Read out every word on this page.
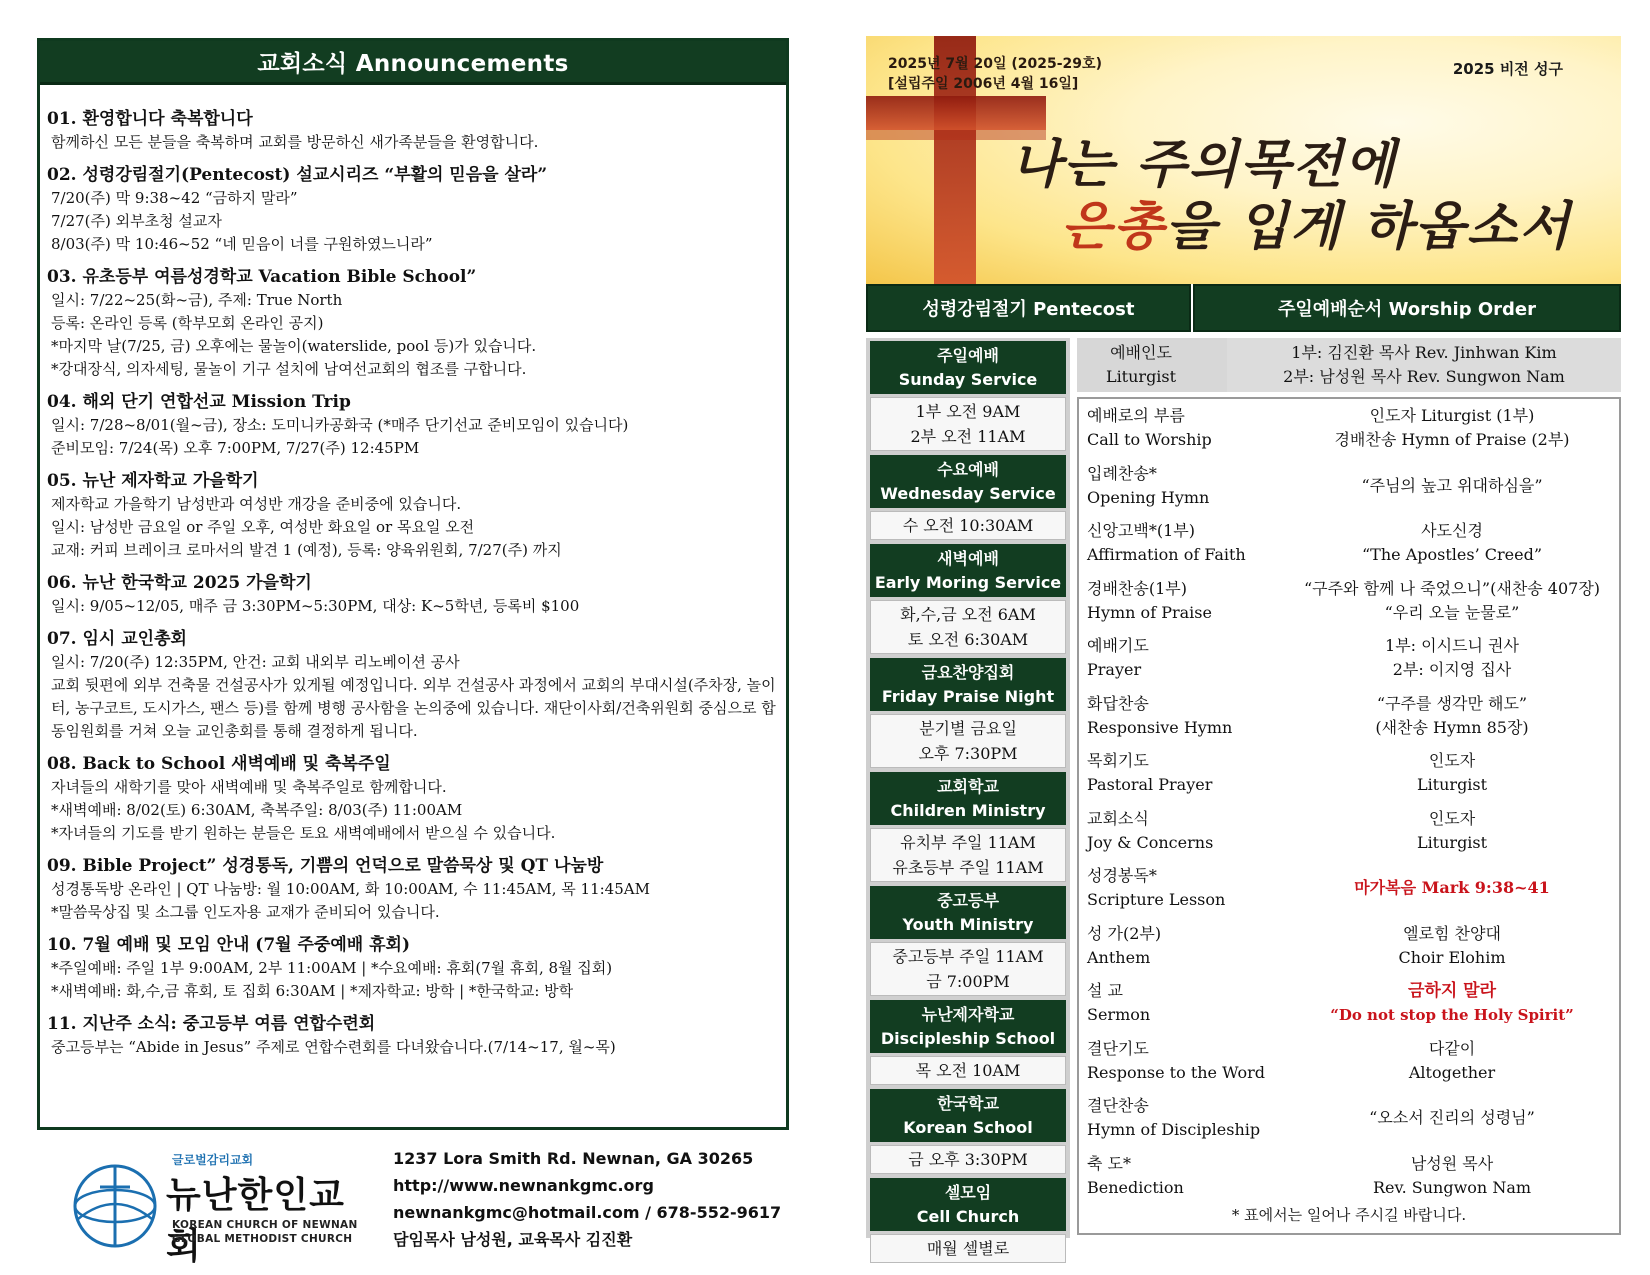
교회소식 Announcements
01. 환영합니다 축복합니다
함께하신 모든 분들을 축복하며 교회를 방문하신 새가족분들을 환영합니다.
02. 성령강림절기(Pentecost) 설교시리즈 “부활의 믿음을 살라”
7/20(주) 막 9:38~42 “금하지 말라”
7/27(주) 외부초청 설교자
8/03(주) 막 10:46~52 “네 믿음이 너를 구원하였느니라”
03. 유초등부 여름성경학교 Vacation Bible School”
일시: 7/22~25(화~금), 주제: True North
등록: 온라인 등록 (학부모회 온라인 공지)
*마지막 날(7/25, 금) 오후에는 물놀이(waterslide, pool 등)가 있습니다.
*강대장식, 의자세팅, 물놀이 기구 설치에 남여선교회의 협조를 구합니다.
04. 해외 단기 연합선교 Mission Trip
일시: 7/28~8/01(월~금), 장소: 도미니카공화국 (*매주 단기선교 준비모임이 있습니다)
준비모임: 7/24(목) 오후 7:00PM, 7/27(주) 12:45PM
05. 뉴난 제자학교 가을학기
제자학교 가을학기 남성반과 여성반 개강을 준비중에 있습니다.
일시: 남성반 금요일 or 주일 오후, 여성반 화요일 or 목요일 오전
교재: 커피 브레이크 로마서의 발견 1 (예정), 등록: 양육위원회, 7/27(주) 까지
06. 뉴난 한국학교 2025 가을학기
일시: 9/05~12/05, 매주 금 3:30PM~5:30PM, 대상: K~5학년, 등록비 $100
07. 임시 교인총회
일시: 7/20(주) 12:35PM, 안건: 교회 내외부 리노베이션 공사
교회 뒷편에 외부 건축물 건설공사가 있게될 예정입니다. 외부 건설공사 과정에서 교회의 부대시설(주차장, 놀이터, 농구코트, 도시가스, 팬스 등)를 함께 병행 공사함을 논의중에 있습니다. 재단이사회/건축위원회 중심으로 합동임원회를 거쳐 오늘 교인총회를 통해 결정하게 됩니다.
08. Back to School 새벽예배 및 축복주일
자녀들의 새학기를 맞아 새벽예배 및 축복주일로 함께합니다.
*새벽예배: 8/02(토) 6:30AM, 축복주일: 8/03(주) 11:00AM
*자녀들의 기도를 받기 원하는 분들은 토요 새벽예배에서 받으실 수 있습니다.
09. Bible Project” 성경통독, 기쁨의 언덕으로 말씀묵상 및 QT 나눔방
성경통독방 온라인 | QT 나눔방: 월 10:00AM, 화 10:00AM, 수 11:45AM, 목 11:45AM
*말씀묵상집 및 소그룹 인도자용 교재가 준비되어 있습니다.
10. 7월 예배 및 모임 안내 (7월 주중예배 휴회)
*주일예배: 주일 1부 9:00AM, 2부 11:00AM | *수요예배: 휴회(7월 휴회, 8월 집회)
*새벽예배: 화,수,금 휴회, 토 집회 6:30AM | *제자학교: 방학 | *한국학교: 방학
11. 지난주 소식: 중고등부 여름 연합수련회
중고등부는 “Abide in Jesus” 주제로 연합수련회를 다녀왔습니다.(7/14~17, 월~목)
글로벌감리교회
뉴난한인교회
KOREAN CHURCH OF NEWNAN
GLOBAL METHODIST CHURCH
1237 Lora Smith Rd. Newnan, GA 30265
http://www.newnankgmc.org
newnankgmc@hotmail.com / 678-552-9617
담임목사 남성원, 교육목사 김진환
2025년 7월 20일 (2025-29호)
[설립주일 2006년 4월 16일]
2025 비전 성구
나는 주의목전에
은총을 입게 하옵소서
성령강림절기 Pentecost	주일예배순서 Worship Order
주일예배
Sunday Service
1부 오전 9AM
2부 오전 11AM
수요예배
Wednesday Service
수 오전 10:30AM
새벽예배
Early Moring Service
화,수,금 오전 6AM
토 오전 6:30AM
금요찬양집회
Friday Praise Night
분기별 금요일
오후 7:30PM
교회학교
Children Ministry
유치부 주일 11AM
유초등부 주일 11AM
중고등부
Youth Ministry
중고등부 주일 11AM
금 7:00PM
뉴난제자학교
Discipleship School
목 오전 10AM
한국학교
Korean School
금 오후 3:30PM
셀모임
Cell Church
매월 셀별로
예배인도
Liturgist
1부: 김진환 목사 Rev. Jinhwan Kim
2부: 남성원 목사 Rev. Sungwon Nam
예배로의 부름
Call to Worship
인도자 Liturgist (1부)
경배찬송 Hymn of Praise (2부)
입례찬송*
Opening Hymn
“주님의 높고 위대하심을”
신앙고백*(1부)
Affirmation of Faith
사도신경
“The Apostles’ Creed”
경배찬송(1부)
Hymn of Praise
“구주와 함께 나 죽었으니”(새찬송 407장)
“우리 오늘 눈물로”
예배기도
Prayer
1부: 이시드니 권사
2부: 이지영 집사
화답찬송
Responsive Hymn
“구주를 생각만 해도”
(새찬송 Hymn 85장)
목회기도
Pastoral Prayer
인도자
Liturgist
교회소식
Joy & Concerns
인도자
Liturgist
성경봉독*
Scripture Lesson
마가복음 Mark 9:38~41
성 가(2부)
Anthem
엘로힘 찬양대
Choir Elohim
설 교
Sermon
금하지 말라
“Do not stop the Holy Spirit”
결단기도
Response to the Word
다같이
Altogether
결단찬송
Hymn of Discipleship
“오소서 진리의 성령님”
축 도*
Benediction
남성원 목사
Rev. Sungwon Nam
* 표에서는 일어나 주시길 바랍니다.
